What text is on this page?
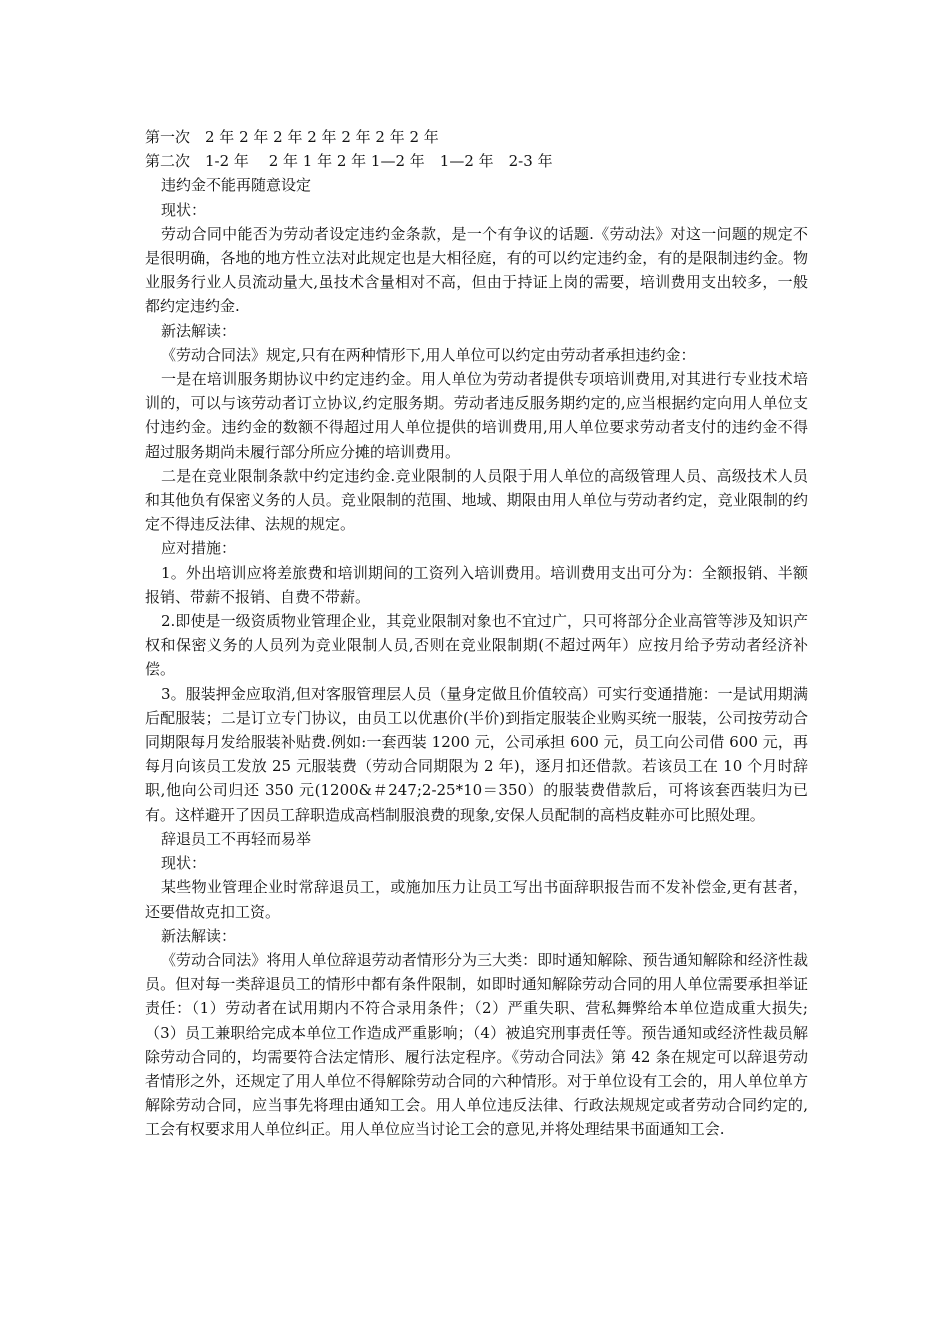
第一次　2 年 2 年 2 年 2 年 2 年 2 年 2 年

第二次　1-2 年　 2 年 1 年 2 年 1—2 年　1—2 年　2-3 年

违约金不能再随意设定

现状：

劳动合同中能否为劳动者设定违约金条款，是一个有争议的话题.《劳动法》对这一问题的规定不是很明确，各地的地方性立法对此规定也是大相径庭，有的可以约定违约金，有的是限制违约金。物业服务行业人员流动量大,虽技术含量相对不高，但由于持证上岗的需要，培训费用支出较多，一般都约定违约金.

新法解读：

《劳动合同法》规定,只有在两种情形下,用人单位可以约定由劳动者承担违约金：

一是在培训服务期协议中约定违约金。用人单位为劳动者提供专项培训费用,对其进行专业技术培训的，可以与该劳动者订立协议,约定服务期。劳动者违反服务期约定的,应当根据约定向用人单位支付违约金。违约金的数额不得超过用人单位提供的培训费用,用人单位要求劳动者支付的违约金不得超过服务期尚未履行部分所应分摊的培训费用。

二是在竞业限制条款中约定违约金.竞业限制的人员限于用人单位的高级管理人员、高级技术人员和其他负有保密义务的人员。竞业限制的范围、地域、期限由用人单位与劳动者约定，竞业限制的约定不得违反法律、法规的规定。

应对措施：

1。外出培训应将差旅费和培训期间的工资列入培训费用。培训费用支出可分为：全额报销、半额报销、带薪不报销、自费不带薪。

2.即使是一级资质物业管理企业，其竞业限制对象也不宜过广，只可将部分企业高管等涉及知识产权和保密义务的人员列为竞业限制人员,否则在竞业限制期(不超过两年）应按月给予劳动者经济补偿。

3。服装押金应取消,但对客服管理层人员（量身定做且价值较高）可实行变通措施：一是试用期满后配服装；二是订立专门协议，由员工以优惠价(半价)到指定服装企业购买统一服装，公司按劳动合同期限每月发给服装补贴费.例如:一套西装 1200 元，公司承担 600 元，员工向公司借 600 元，再每月向该员工发放 25 元服装费（劳动合同期限为 2 年)，逐月扣还借款。若该员工在 10 个月时辞职,他向公司归还 350 元(1200&＃247;2-25*10＝350）的服装费借款后，可将该套西装归为已有。这样避开了因员工辞职造成高档制服浪费的现象,安保人员配制的高档皮鞋亦可比照处理。

辞退员工不再轻而易举

现状：

某些物业管理企业时常辞退员工，或施加压力让员工写出书面辞职报告而不发补偿金,更有甚者，还要借故克扣工资。

新法解读：

《劳动合同法》将用人单位辞退劳动者情形分为三大类：即时通知解除、预告通知解除和经济性裁员。但对每一类辞退员工的情形中都有条件限制，如即时通知解除劳动合同的用人单位需要承担举证责任：（1）劳动者在试用期内不符合录用条件；（2）严重失职、营私舞弊给本单位造成重大损失;（3）员工兼职给完成本单位工作造成严重影响；（4）被追究刑事责任等。预告通知或经济性裁员解除劳动合同的，均需要符合法定情形、履行法定程序。《劳动合同法》第 42 条在规定可以辞退劳动者情形之外，还规定了用人单位不得解除劳动合同的六种情形。对于单位设有工会的，用人单位单方解除劳动合同，应当事先将理由通知工会。用人单位违反法律、行政法规规定或者劳动合同约定的,工会有权要求用人单位纠正。用人单位应当讨论工会的意见,并将处理结果书面通知工会.
